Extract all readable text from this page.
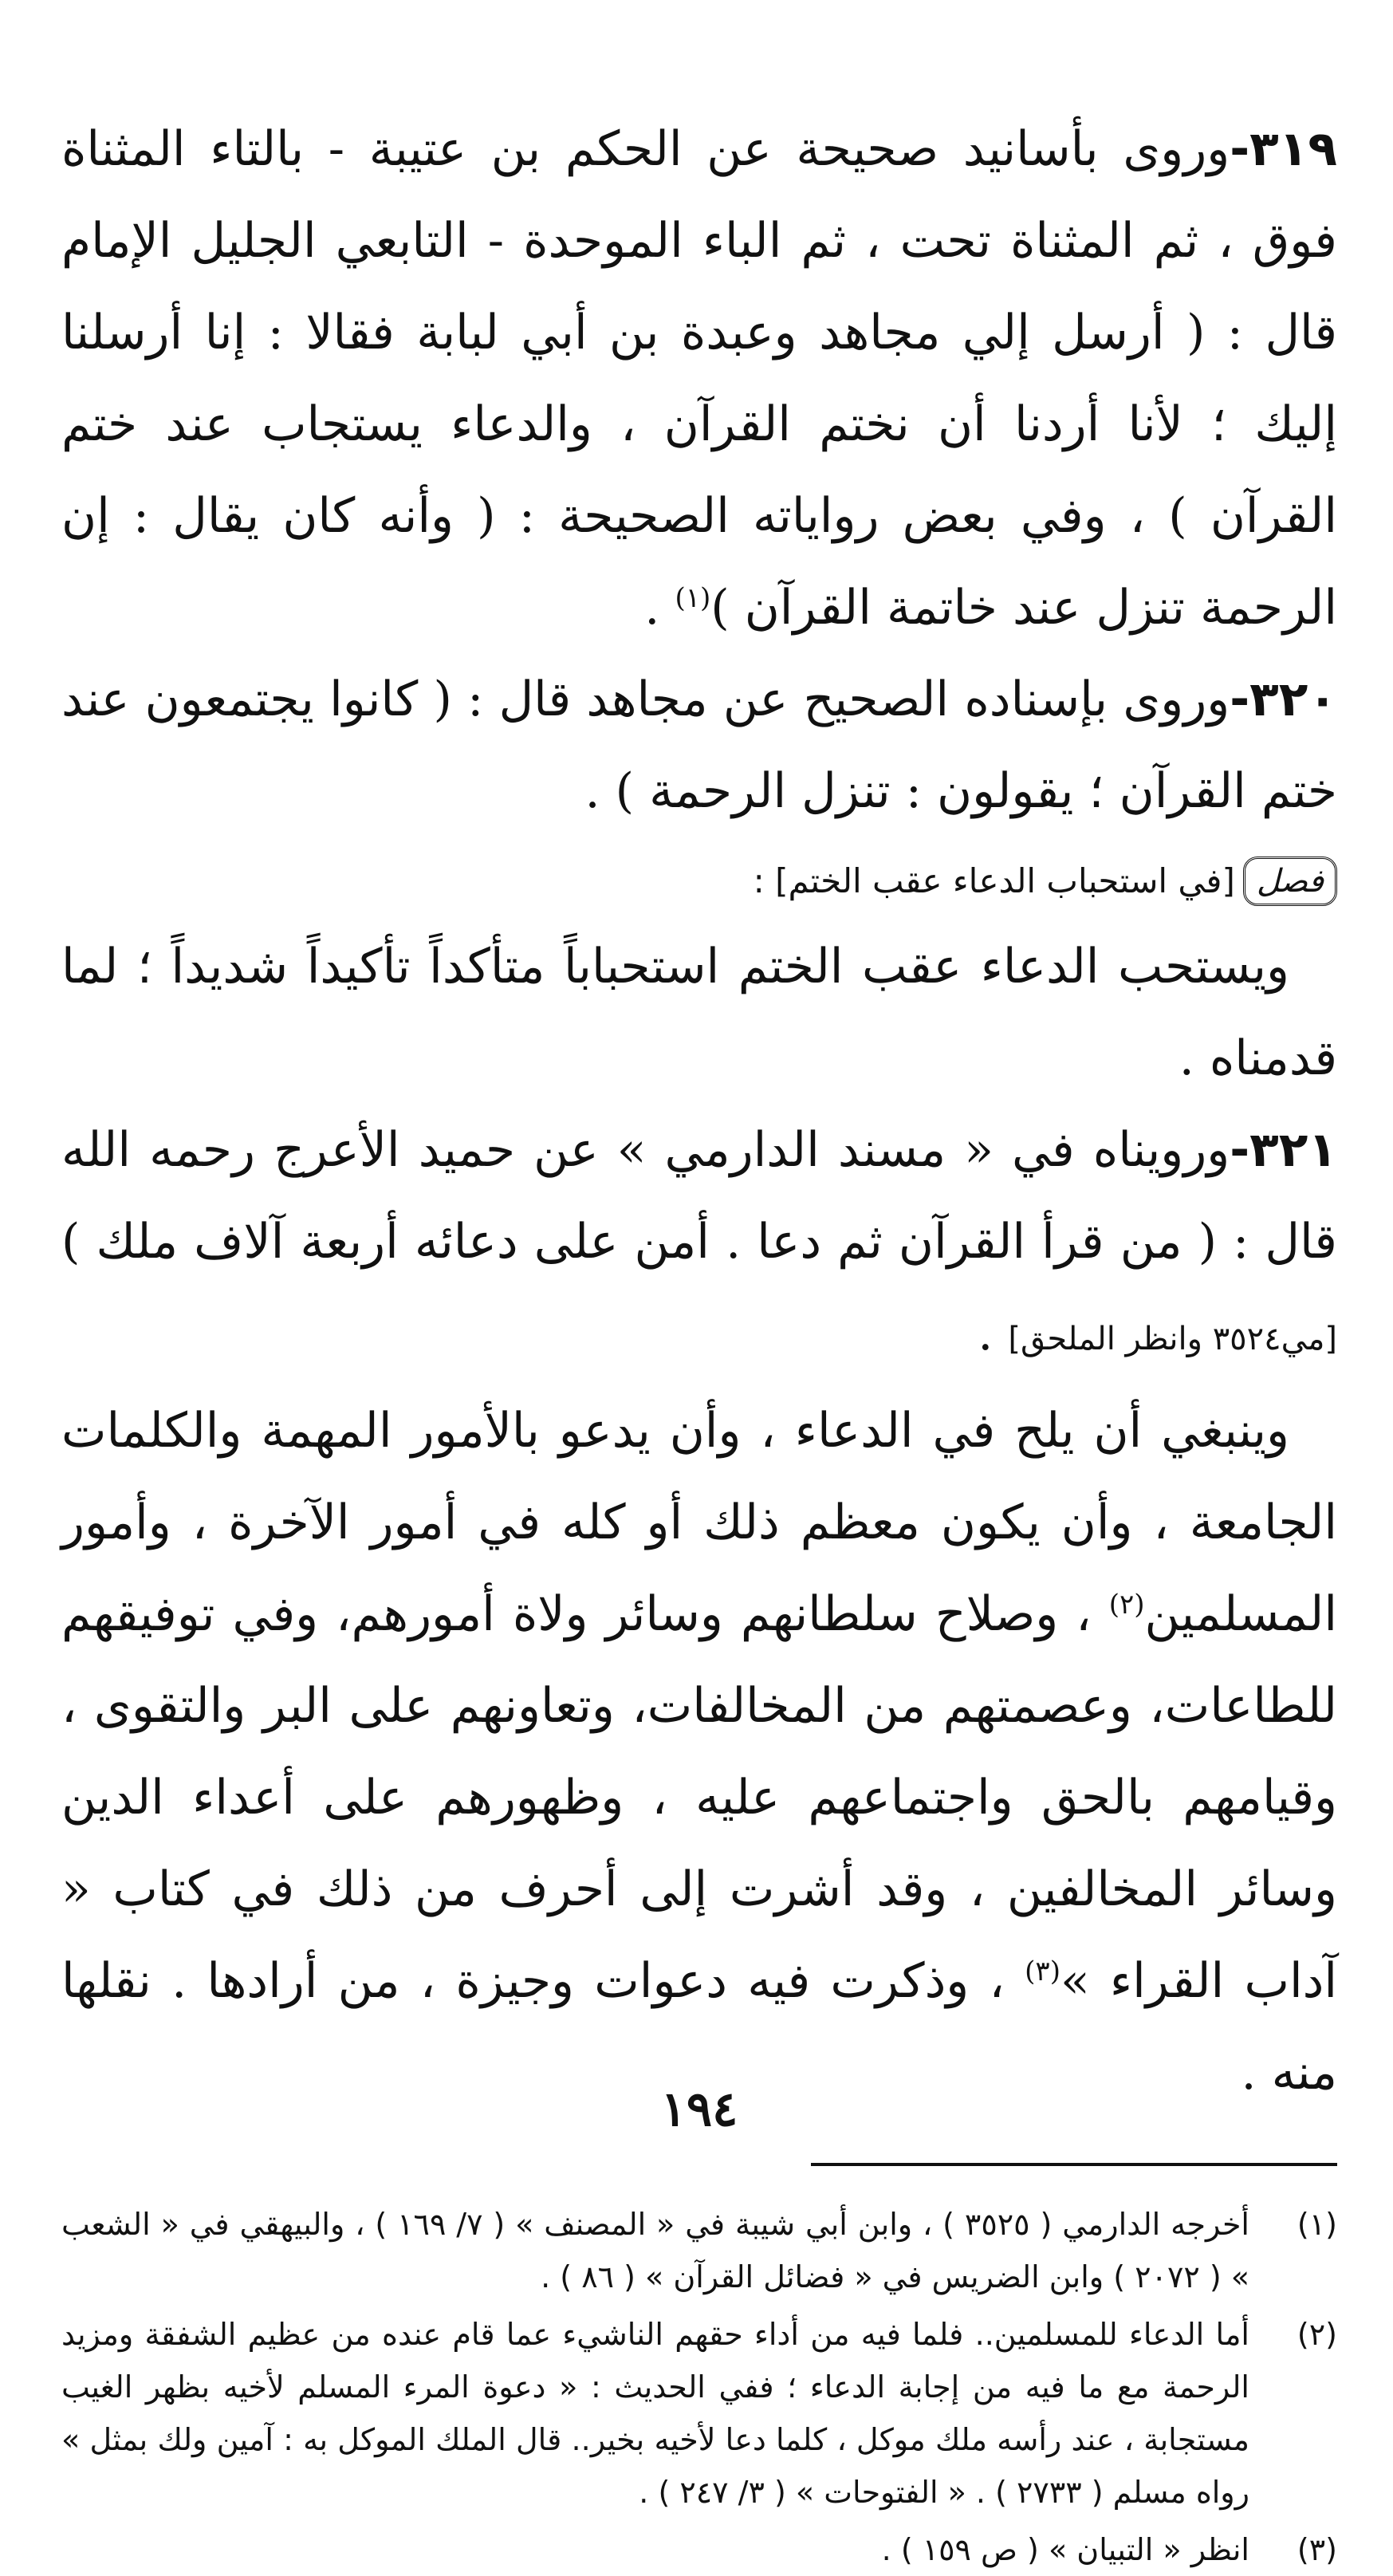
٣١٩-وروى بأسانيد صحيحة عن الحكم بن عتيبة - بالتاء المثناة فوق ، ثم المثناة تحت ، ثم الباء الموحدة - التابعي الجليل الإمام قال : ( أرسل إلي مجاهد وعبدة بن أبي لبابة فقالا : إنا أرسلنا إليك ؛ لأنا أردنا أن نختم القرآن ، والدعاء يستجاب عند ختم القرآن ) ، وفي بعض رواياته الصحيحة : ( وأنه كان يقال : إن الرحمة تنزل عند خاتمة القرآن )$^{(١)}$ .

٣٢٠-وروى بإسناده الصحيح عن مجاهد قال : ( كانوا يجتمعون عند ختم القرآن ؛ يقولون : تنزل الرحمة ) .

فصل
[في استحباب الدعاء عقب الختم] :

ويستحب الدعاء عقب الختم استحباباً متأكداً تأكيداً شديداً ؛ لما قدمناه .

٣٢١-ورويناه في « مسند الدارمي » عن حميد الأعرج رحمه الله قال : ( من قرأ القرآن ثم دعا . أمن على دعائه أربعة آلاف ملك ) [مي٣٥٢٤ وانظر الملحق] .

وينبغي أن يلح في الدعاء ، وأن يدعو بالأمور المهمة والكلمات الجامعة ، وأن يكون معظم ذلك أو كله في أمور الآخرة ، وأمور المسلمين$^{(٢)}$ ، وصلاح سلطانهم وسائر ولاة أمورهم، وفي توفيقهم للطاعات، وعصمتهم من المخالفات، وتعاونهم على البر والتقوى ، وقيامهم بالحق واجتماعهم عليه ، وظهورهم على أعداء الدين وسائر المخالفين ، وقد أشرت إلى أحرف من ذلك في كتاب « آداب القراء »$^{(٣)}$ ، وذكرت فيه دعوات وجيزة ، من أرادها . نقلها منه .

(١)
أخرجه الدارمي ( ٣٥٢٥ ) ، وابن أبي شيبة في « المصنف » ( ٧/ ١٦٩ ) ، والبيهقي في « الشعب » ( ٢٠٧٢ ) وابن الضريس في « فضائل القرآن » ( ٨٦ ) .
(٢)
أما الدعاء للمسلمين.. فلما فيه من أداء حقهم الناشيء عما قام عنده من عظيم الشفقة ومزيد الرحمة مع ما فيه من إجابة الدعاء ؛ ففي الحديث : « دعوة المرء المسلم لأخيه بظهر الغيب مستجابة ، عند رأسه ملك موكل ، كلما دعا لأخيه بخير.. قال الملك الموكل به : آمين ولك بمثل » رواه مسلم ( ٢٧٣٣ ) . « الفتوحات » ( ٣/ ٢٤٧ ) .
(٣)
انظر « التبيان » ( ص ١٥٩ ) .
١٩٤
